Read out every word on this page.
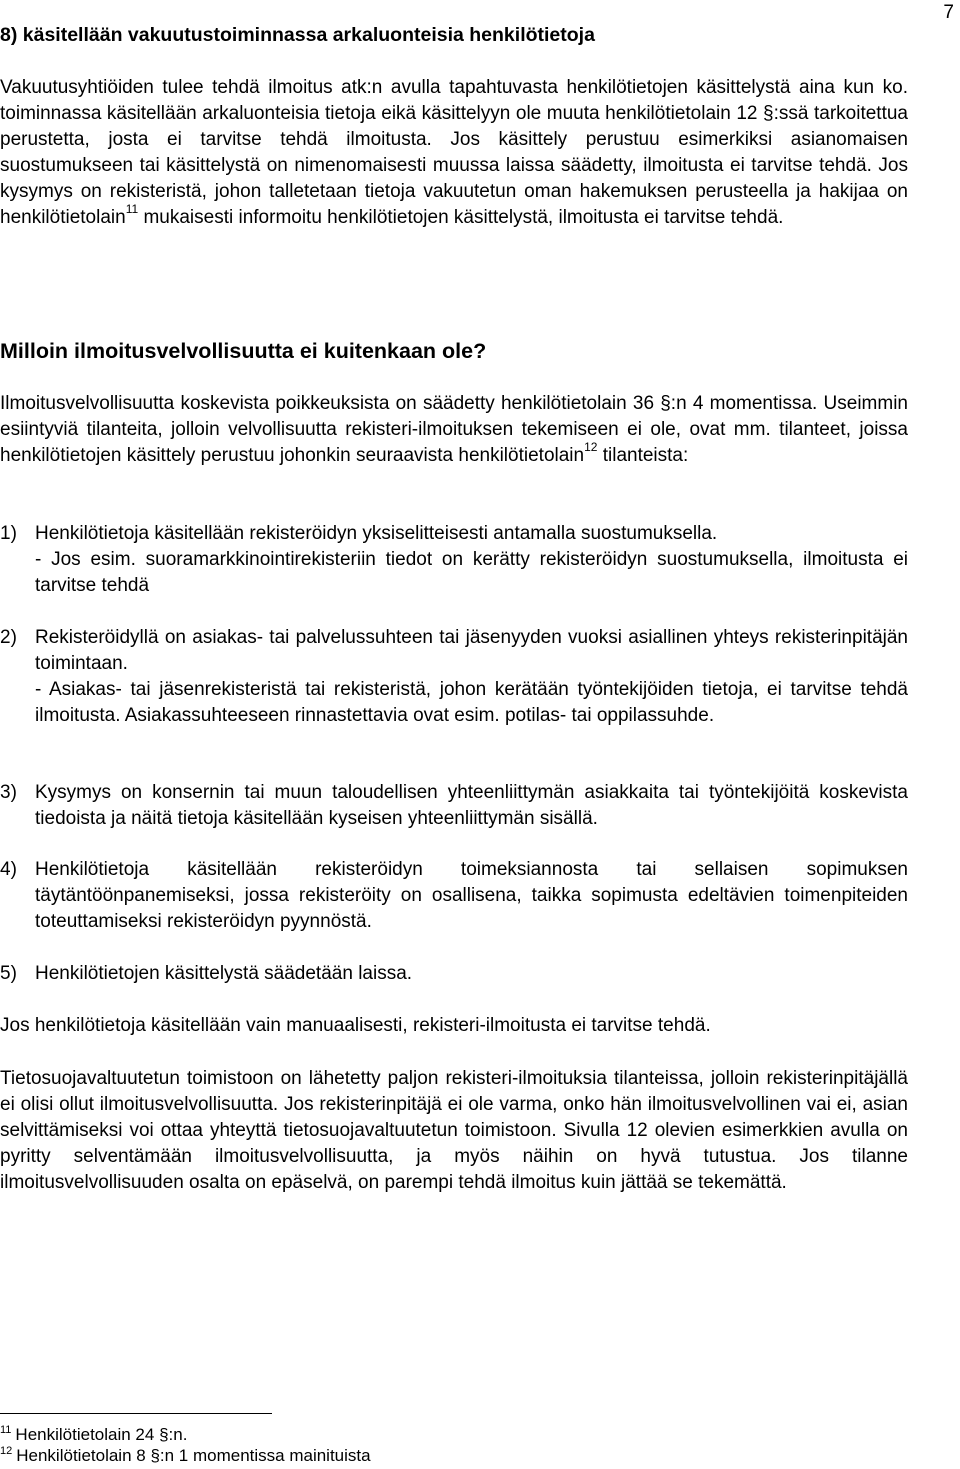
7
8) käsitellään vakuutustoiminnassa arkaluonteisia henkilötietoja

Vakuutusyhtiöiden tulee tehdä ilmoitus atk:n avulla tapahtuvasta henkilötietojen käsittelystä aina kun ko. toiminnassa käsitellään arkaluonteisia tietoja eikä käsittelyyn ole muuta henkilötietolain 12 §:ssä tarkoitettua perustetta, josta ei tarvitse tehdä ilmoitusta. Jos käsittely perustuu esimerkiksi asianomaisen suostumukseen tai käsittelystä on nimenomaisesti muussa laissa säädetty, ilmoitusta ei tarvitse tehdä. Jos kysymys on rekisteristä, johon talletetaan tietoja vakuutetun oman hakemuksen perusteella ja hakijaa on henkilötietolain$^{11}$ mukaisesti informoitu henkilötietojen käsittelystä, ilmoitusta ei tarvitse tehdä.

Milloin ilmoitusvelvollisuutta ei kuitenkaan ole?

Ilmoitusvelvollisuutta koskevista poikkeuksista on säädetty henkilötietolain 36 §:n 4 momentissa. Useimmin esiintyviä tilanteita, jolloin velvollisuutta rekisteri-ilmoituksen tekemiseen ei ole, ovat mm. tilanteet, joissa henkilötietojen käsittely perustuu johonkin seuraavista henkilötietolain$^{12}$ tilanteista:

1) Henkilötietoja käsitellään rekisteröidyn yksiselitteisesti antamalla suostumuksella.
- Jos esim. suoramarkkinointirekisteriin tiedot on kerätty rekisteröidyn suostumuksella, ilmoitusta ei tarvitse tehdä
2) Rekisteröidyllä on asiakas- tai palvelussuhteen tai jäsenyyden vuoksi asiallinen yhteys rekisterinpitäjän toimintaan.
- Asiakas- tai jäsenrekisteristä tai rekisteristä, johon kerätään työntekijöiden tietoja, ei tarvitse tehdä ilmoitusta. Asiakassuhteeseen rinnastettavia ovat esim. potilas- tai oppilassuhde.
3) Kysymys on konsernin tai muun taloudellisen yhteenliittymän asiakkaita tai työntekijöitä koskevista tiedoista ja näitä tietoja käsitellään kyseisen yhteenliittymän sisällä.
4) Henkilötietoja käsitellään rekisteröidyn toimeksiannosta tai sellaisen sopimuksen täytäntöönpanemiseksi, jossa rekisteröity on osallisena, taikka sopimusta edeltävien toimenpiteiden toteuttamiseksi rekisteröidyn pyynnöstä.
5) Henkilötietojen käsittelystä säädetään laissa.

Jos henkilötietoja käsitellään vain manuaalisesti, rekisteri-ilmoitusta ei tarvitse tehdä.

Tietosuojavaltuutetun toimistoon on lähetetty paljon rekisteri-ilmoituksia tilanteissa, jolloin rekisterinpitäjällä ei olisi ollut ilmoitusvelvollisuutta. Jos rekisterinpitäjä ei ole varma, onko hän ilmoitusvelvollinen vai ei, asian selvittämiseksi voi ottaa yhteyttä tietosuojavaltuutetun toimistoon. Sivulla 12 olevien esimerkkien avulla on pyritty selventämään ilmoitusvelvollisuutta, ja myös näihin on hyvä tutustua. Jos tilanne ilmoitusvelvollisuuden osalta on epäselvä, on parempi tehdä ilmoitus kuin jättää se tekemättä.

$^{11}$ Henkilötietolain 24 §:n.
$^{12}$ Henkilötietolain 8 §:n 1 momentissa mainituista
